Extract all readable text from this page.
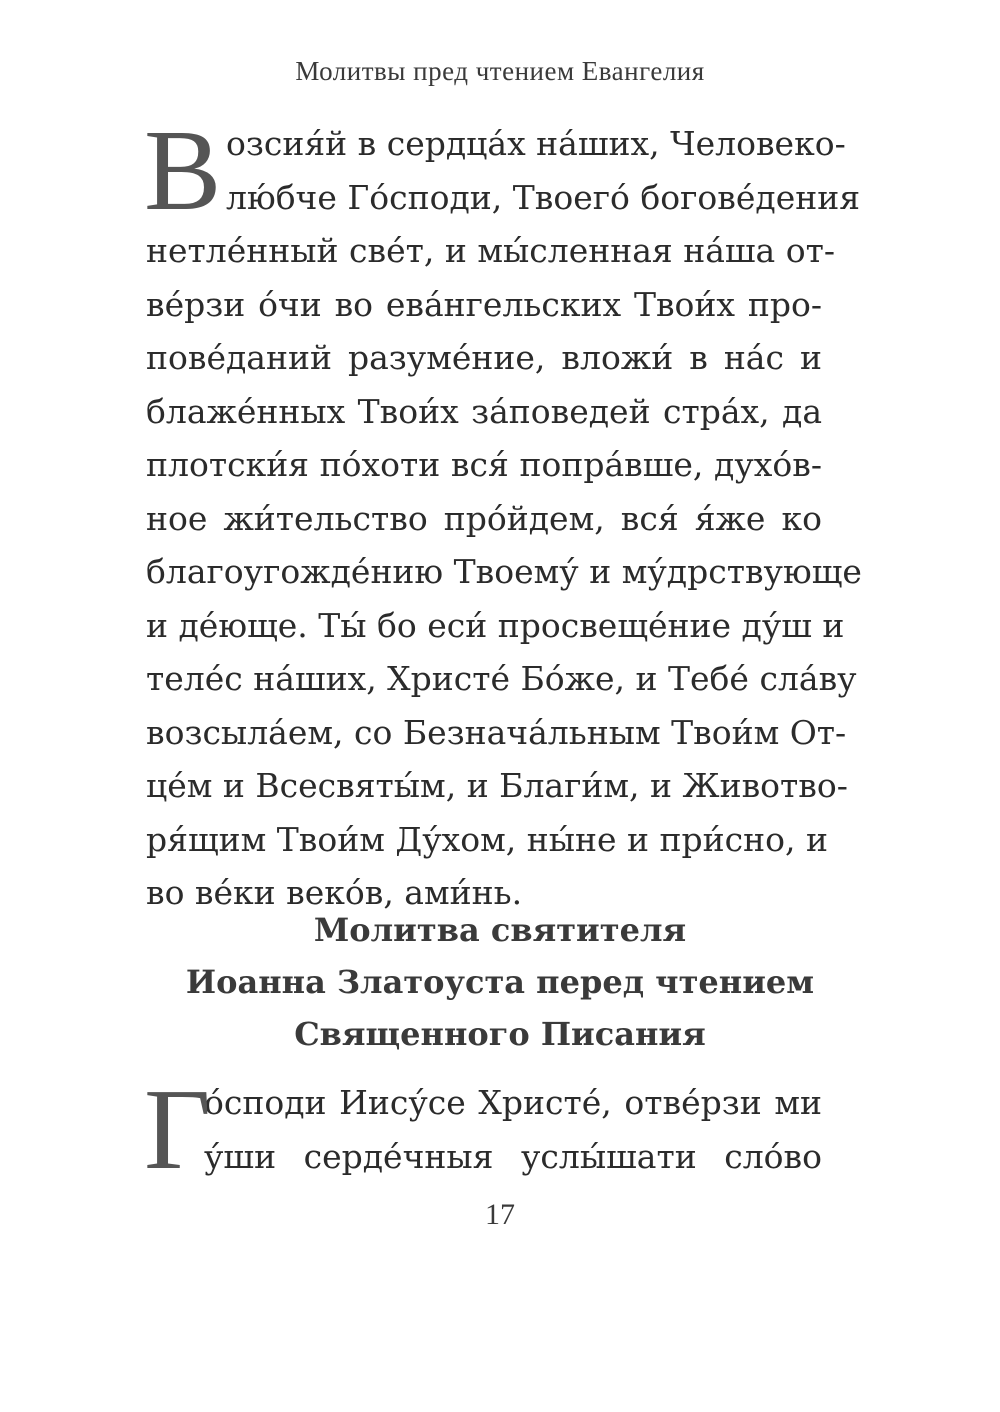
Молитвы пред чтением Евангелия
В озсия́й в сердца́х на́ших, Человеко-
лю́бче Го́споди, Твоего́ богове́дения
нетле́нный све́т, и мы́сленная на́ша от-
ве́рзи о́чи во ева́нгельских Твои́х про-
пове́даний разуме́ние, вложи́ в на́с и
блаже́нных Твои́х за́поведей стра́х, да
плотски́я по́хоти вся́ попра́вше, духо́в-
ное жи́тельство про́йдем, вся́ я́же ко
благоугожде́нию Твоему́ и му́дрствующе
и де́юще. Ты́ бо еси́ просвеще́ние ду́ш и
теле́с на́ших, Христе́ Бо́же, и Тебе́ сла́ву
возсыла́ем, со Безнача́льным Твои́м От-
це́м и Всесвяты́м, и Благи́м, и Животво-
ря́щим Твои́м Ду́хом, ны́не и при́сно, и
во ве́ки веко́в, ами́нь.
Молитва святителя
Иоанна Златоуста перед чтением
Священного Писания
Г
о́споди Иису́се Христе́, отве́рзи ми
у́ши серде́чныя услы́шати сло́во
17
